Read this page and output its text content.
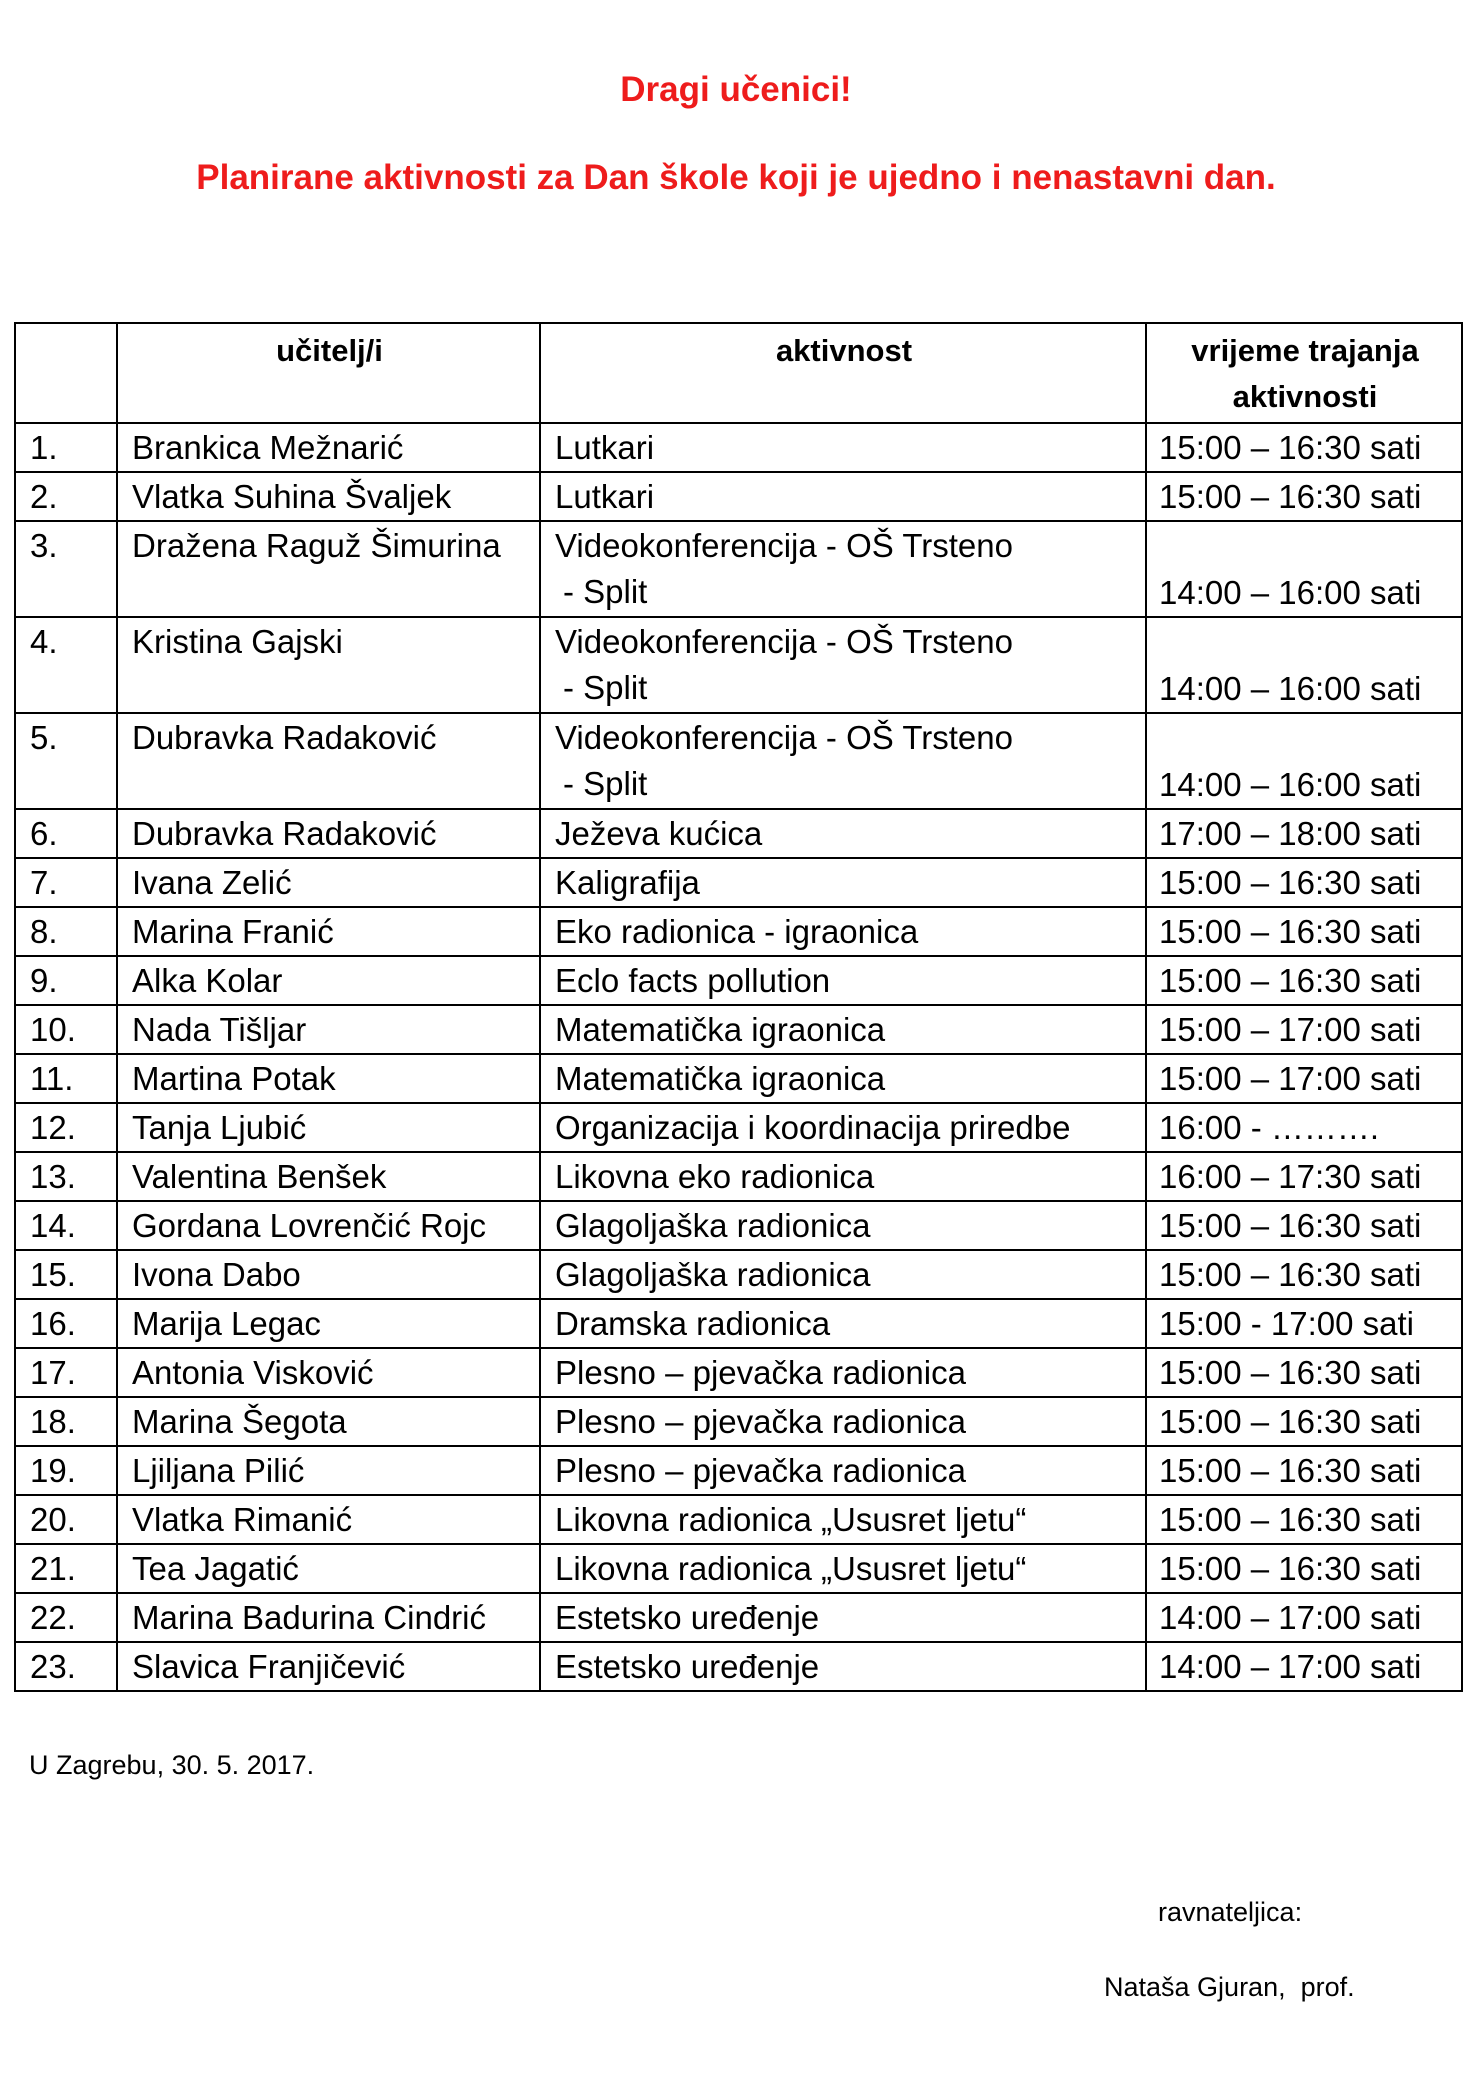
Dragi učenici!
Planirane aktivnosti za Dan škole koji je ujedno i nenastavni dan.
	učitelj/i	aktivnost	vrijeme trajanja
aktivnosti

1.	Brankica Mežnarić	Lutkari	15:00 – 16:30 sati
2.	Vlatka Suhina Švaljek	Lutkari	15:00 – 16:30 sati
3.	Dražena Raguž Šimurina	Videokonferencija - OŠ Trsteno
- Split	14:00 – 16:00 sati
4.	Kristina Gajski	Videokonferencija - OŠ Trsteno
- Split	14:00 – 16:00 sati
5.	Dubravka Radaković	Videokonferencija - OŠ Trsteno
- Split	14:00 – 16:00 sati
6.	Dubravka Radaković	Ježeva kućica	17:00 – 18:00 sati
7.	Ivana Zelić	Kaligrafija	15:00 – 16:30 sati
8.	Marina Franić	Eko radionica - igraonica	15:00 – 16:30 sati
9.	Alka Kolar	Eclo facts pollution	15:00 – 16:30 sati
10.	Nada Tišljar	Matematička igraonica	15:00 – 17:00 sati
11.	Martina Potak	Matematička igraonica	15:00 – 17:00 sati
12.	Tanja Ljubić	Organizacija i koordinacija priredbe	16:00 - ……….
13.	Valentina Benšek	Likovna eko radionica	16:00 – 17:30 sati
14.	Gordana Lovrenčić Rojc	Glagoljaška radionica	15:00 – 16:30 sati
15.	Ivona Dabo	Glagoljaška radionica	15:00 – 16:30 sati
16.	Marija Legac	Dramska radionica	15:00 - 17:00 sati
17.	Antonia Visković	Plesno – pjevačka radionica	15:00 – 16:30 sati
18.	Marina Šegota	Plesno – pjevačka radionica	15:00 – 16:30 sati
19.	Ljiljana Pilić	Plesno – pjevačka radionica	15:00 – 16:30 sati
20.	Vlatka Rimanić	Likovna radionica „Ususret ljetu“	15:00 – 16:30 sati
21.	Tea Jagatić	Likovna radionica „Ususret ljetu“	15:00 – 16:30 sati
22.	Marina Badurina Cindrić	Estetsko uređenje	14:00 – 17:00 sati
23.	Slavica Franjičević	Estetsko uređenje	14:00 – 17:00 sati

U Zagrebu, 30. 5. 2017.

ravnateljica:

Nataša Gjuran,  prof.
